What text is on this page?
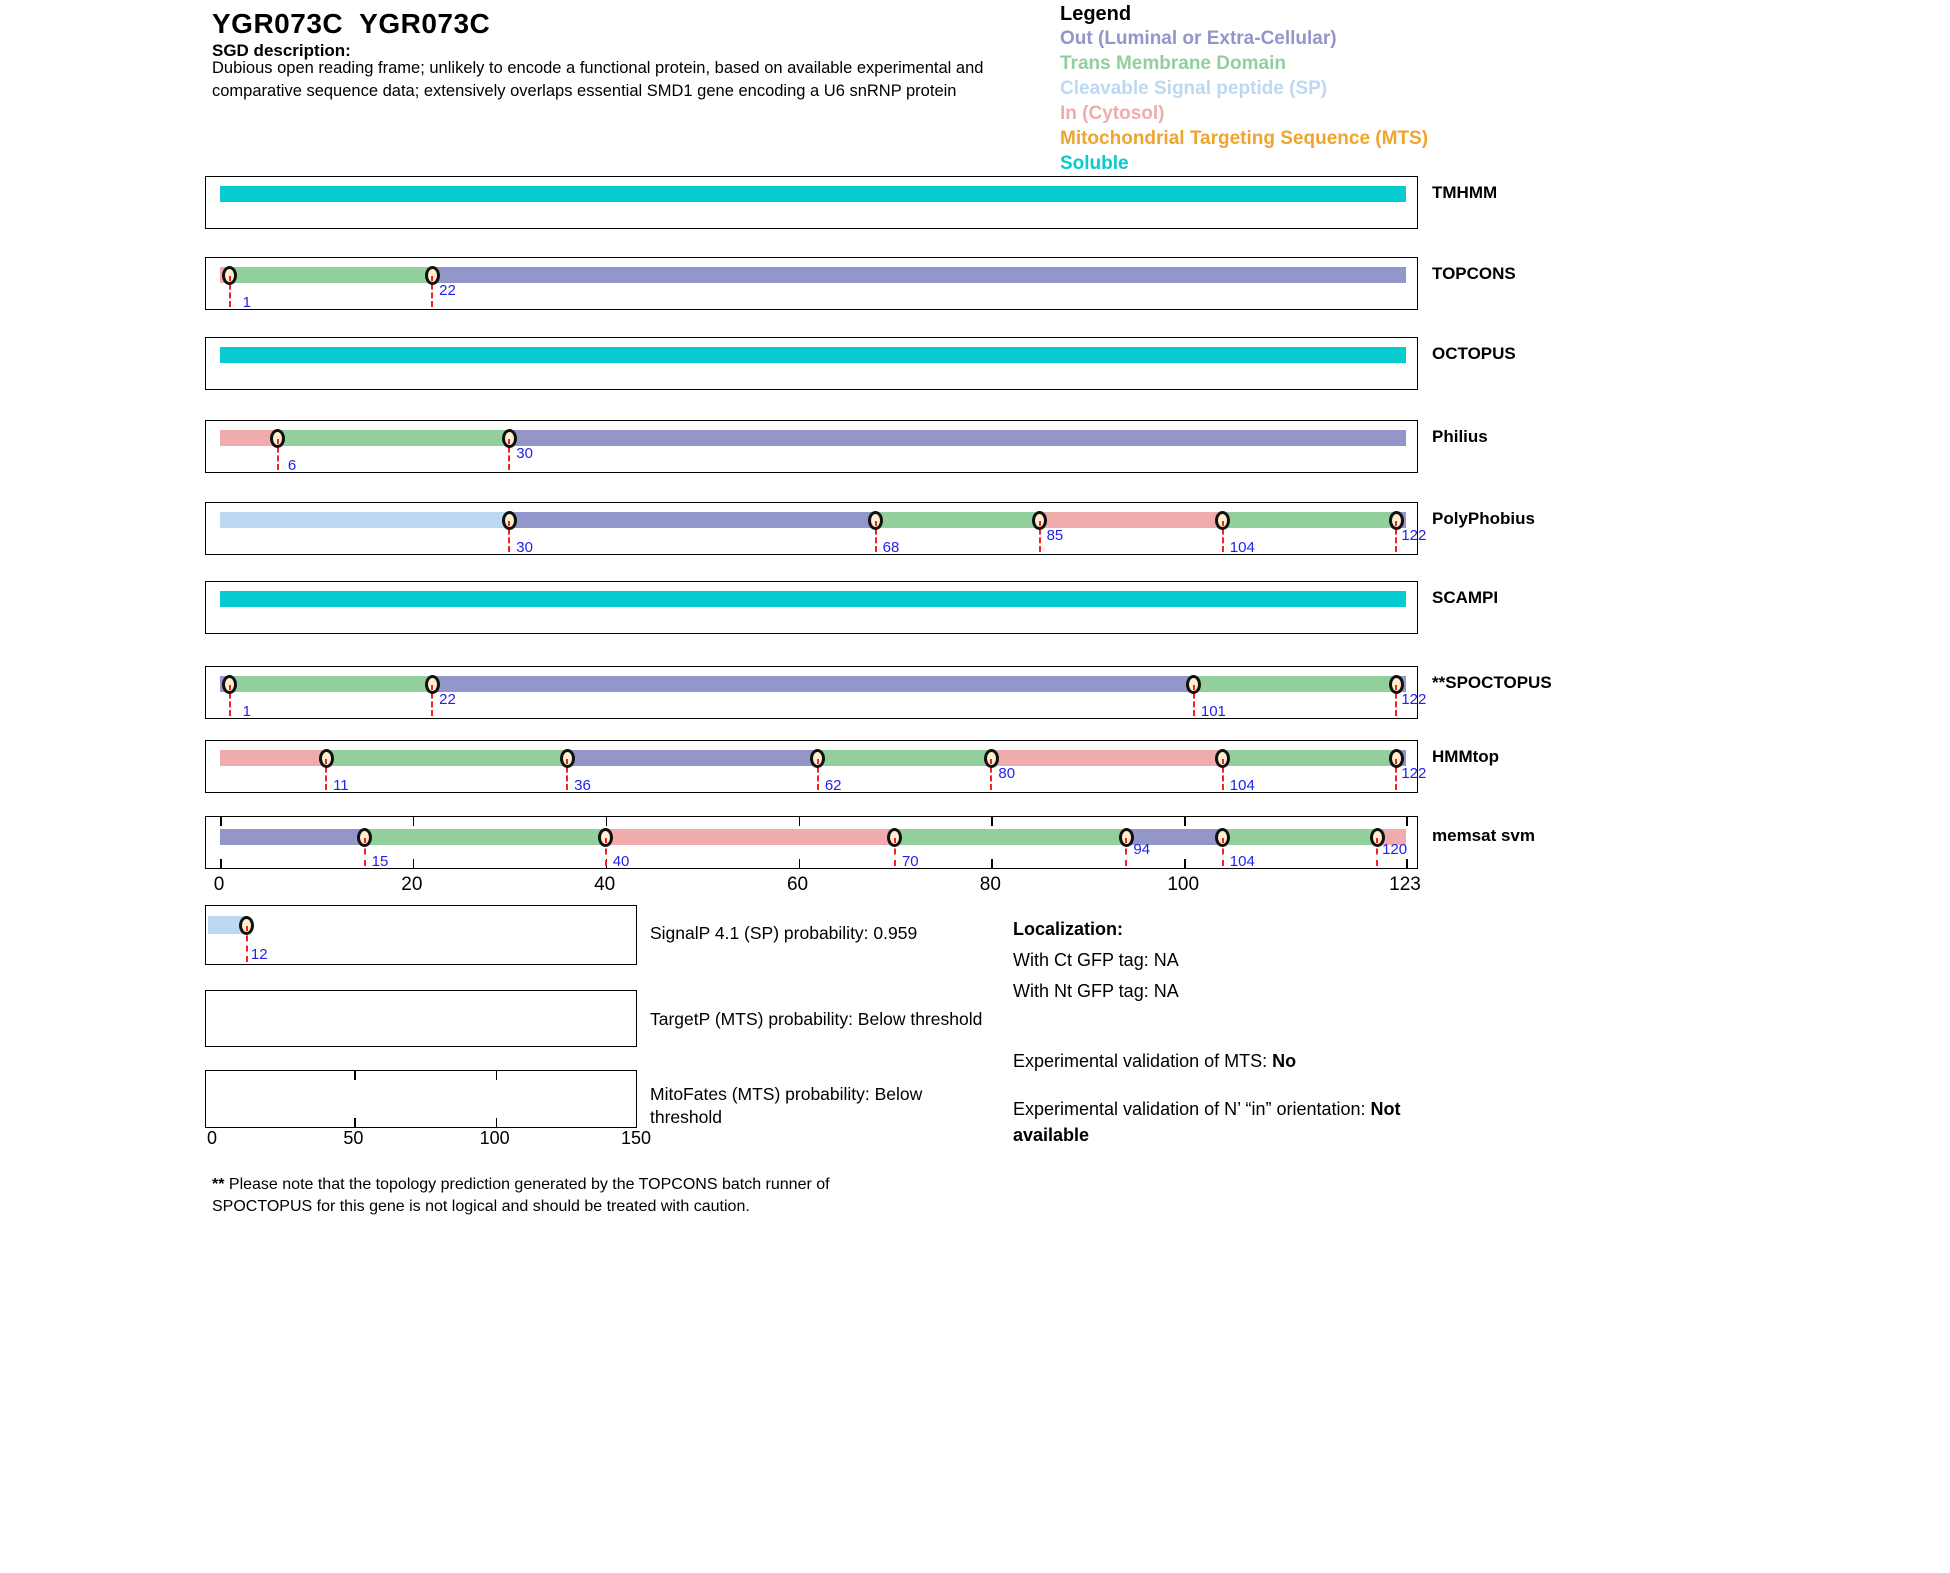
YGR073C  YGR073C
SGD description:
Dubious open reading frame; unlikely to encode a functional protein, based on available experimental and
comparative sequence data; extensively overlaps essential SMD1 gene encoding a U6 snRNP protein
Legend
Out (Luminal or Extra-Cellular)
Trans Membrane Domain
Cleavable Signal peptide (SP)
In (Cytosol)
Mitochondrial Targeting Sequence (MTS)
Soluble
TMHMM
1
22
TOPCONS
OCTOPUS
6
30
Philius
30	68
85
104
122
PolyPhobius
SCAMPI
1
22
101
122
**SPOCTOPUS
11	36	62
80
104
122
HMMtop
15	40	70
94
104
120
memsat svm
0	20	40	60	80	100	123
12
SignalP 4.1 (SP) probability: 0.959
TargetP (MTS) probability: Below threshold
MitoFates (MTS) probability: Below threshold
0	50	100	150
Localization:
With Ct GFP tag: NA
With Nt GFP tag: NA
Experimental validation of MTS: No
Experimental validation of N’ “in” orientation: Not available
** Please note that the topology prediction generated by the TOPCONS batch runner of SPOCTOPUS for this gene is not logical and should be treated with caution.
